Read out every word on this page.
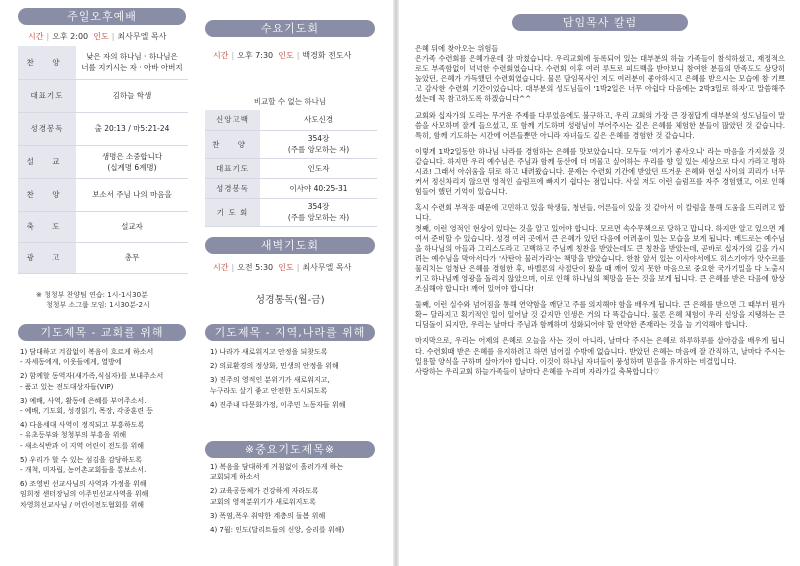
주일오후예배
시간 | 오후 2:00 인도 | 최사무엘 목사
찬 양	낮은 자의 하나님 · 하나님은
너를 지키시는 자 · 아바 아버지
대표기도	김하늘 학생
성경봉독	출 20:13 / 마5:21-24
설 교	생명은 소중합니다
(십계명 6계명)
찬 양	보소서 주님 나의 마음을
축 도	설교자
광 고	총무
※ 청청부 찬양팀 연습: 1시-1시30분
청청부 소그룹 모임: 1시30분-2시
수요기도회
시간 | 오후 7:30 인도 | 백경화 전도사
비교할 수 없는 하나님
신앙고백	사도신경
찬 양	354장
(주를 앙모하는 자)
대표기도	인도자
성경봉독	이사야 40:25-31
기 도 회	354장
(주를 앙모하는 자)
새벽기도회
시간 | 오전 5:30 인도 | 최사무엘 목사
성경통독(월-금)
기도제목 - 교회를 위해
1) 담대하고 겨잡없이 복음이 흐르게 하소서
- 자세동에게, 이웃들에게, 열방에
2) 함께할 동역자(새가족,식심자)를 보내주소서
- 품고 있는 전도대상자들(VIP)
3) 예배, 사역, 활동에 은혜를 부어주소서.
- 예배, 기도회, 성경읽기, 목장, 각종훈련 등
4) 다음세대 사역이 정직되고 부흥하도록
- 유초등부와 청청부의 부흥을 위해
- 새소식반과 이 지역 어린이 전도를 위해
5) 우리가 할 수 있는 섬김을 감당하도록
- 개척, 미자립, 농어촌교회들을 통보소서.
6) 조영빈 선교사님의 사역과 가정을 위해
임희정 센터장님의 이주민선교사역을 위해
차영희선교사님 / 어린이전도협회를 위해
기도제목 - 지역,나라를 위해
1) 나라가 새로워지고 안정을 되찾도록
2) 의료환경의 정상화, 민생의 안정을 위해
3) 진주의 영적인 분위기가 새로워지고,
누구라도 살기 좋고 안전한 도시되도록
4) 진주내 다문화가정, 이주민 노동자들 위해
※중요기도제목※
1) 복음을 담대하게 거침없이 흘러가게 하는
교회되게 하소서
2) 교육공동체가 건강하게 자라도록
교회의 영적분위기가 새로워지도록
3) 폭염,폭우 취약한 계층의 돌봄 위해
4) 7월: 인도(달리트들의 신앙, 승리를 위해)
담임목사 칼럼

은혜 뒤에 찾아오는 위험들
은가족 수련회를 은혜가운데 잘 마쳤습니다. 우리교회에 등록되어 있는 대부분의 하늘 가족들이 참석하셨고, 재정적으로도 부족함없이 넉넉한 수련회였습니다. 수련회 이후 여러 루트로 피드백을 받아보니 참여한 분들의 만족도도 상당히 높았던, 은혜가 가득했던 수련회였습니다. 물론 담임목사인 저도 여러분이 좋아하시고 은혜를 받으시는 모습에 참 기쁘고 감사한 수련회 기간이었습니다. 대부분의 성도님들이 '1박2일은 너무 아쉽다 다음에는 2박3일로 하자'고 말씀해주셨는데 꼭 참고하도록 하겠습니다^^

교회와 십자가의 도리는 무거운 주제를 다루었음에도 불구하고, 우리 교회의 가장 큰 장점답게 대부분의 성도님들이 말씀을 사모하며 잘게 들으셨고, 또 함께 기도하며 성령님이 부어주시는 깊은 은혜를 체험한 분들이 많았던 것 같습니다. 특히, 함께 기도하는 시간에 어른들뿐만 아니라 자녀들도 깊은 은혜를 경험한 것 같습니다.

이렇게 1박2일동안 하나님 나라를 경험하는 은혜를 맛보았습니다. 모두들 '여기가 좋사오니' 라는 마음을 가지셨을 것 같습니다. 하지만 우리 예수님은 주님과 함께 동산에 더 머물고 싶어하는 우리를 향 일 있는 세상으로 다시 가라고 명하시죠! 그래서 아쉬움을 뒤로 하고 내려왔습니다. 문제는 수련회 기간에 받았던 뜨거운 은혜와 현실 사이의 괴리가 너무 커서 정신차리지 않으면 영적인 슬럼프에 빠지기 쉽다는 점입니다. 사실 저도 이런 슬럼프를 자주 경험했고, 이로 인해 힘들어 했던 기억이 있습니다.

혹시 수련회 부적응 때문에 고민하고 있을 학생들, 청년들, 어른들이 있을 것 같아서 이 칼럼을 통해 도움을 드리려고 합니다.
첫째, 이런 영적인 현상이 있다는 것을 알고 있어야 합니다. 모르면 속수무책으로 당하고 맙니다. 하지만 알고 있으면 계여서 준비할 수 있습니다. 성경 여러 곳에서 큰 은혜가 있던 다음에 어려움이 있는 모습을 보게 됩니다. 베드로는 예수님을 하나님의 아들과 그리스도라고 고백하고 주님께 칭찬을 받았는데도 큰 칭찬을 받았는데, 곧바로 십자가의 길을 가시려는 예수님을 막아서다가 '사탄아 물러가라'는 책망을 받았습니다. 한참 앞서 있는 이사야서에도 히스기야가 앗수르를 물리치는 엄청난 은혜를 경험한 후, 바벨론의 사절단이 왔을 때 깨어 있지 못한 마음으로 중요한 국가기밀을 다 노출시키고 하나님께 영광을 돌리지 않았으며, 이로 인해 하나님의 책망을 듣는 것을 보게 됩니다. 큰 은혜를 받은 다음에 항상 조심해야 합니다! 깨어 있어야 합니다!

둘째, 이런 실수와 넘어짐을 통해 연약함을 깨닫고 주를 의지해야 함을 배우게 됩니다. 큰 은혜를 받으면 그 때부터 뭔가 확~ 달라지고 획기적인 일이 일어날 것 같지만 인생은 거의 다 똑같습니다. 물론 은혜 체험이 우리 신앙을 지탱하는 큰 디딤돌이 되지만, 우리는 날마다 주님과 함께하며 성화되어야 할 연약한 존재라는 것을 늘 기억해야 합니다.

마지막으로, 우리는 어제의 은혜로 오늘을 사는 것이 아니라, 날마다 주시는 은혜로 하루하루를 살아감을 배우게 됩니다. 수련회때 받은 은혜를 유지하려고 하면 넘어질 수밖에 없습니다. 받았던 은혜는 마음에 잘 간직하고, 날마다 주시는 일용할 양식을 구하며 살아가야 합니다. 이것이 하나님 자녀들이 풍성하며 믿음을 유지하는 비결입니다.
사랑하는 우리교회 하늘가족들이 날마다 은혜를 누리며 자라가길 축복합니다♡
